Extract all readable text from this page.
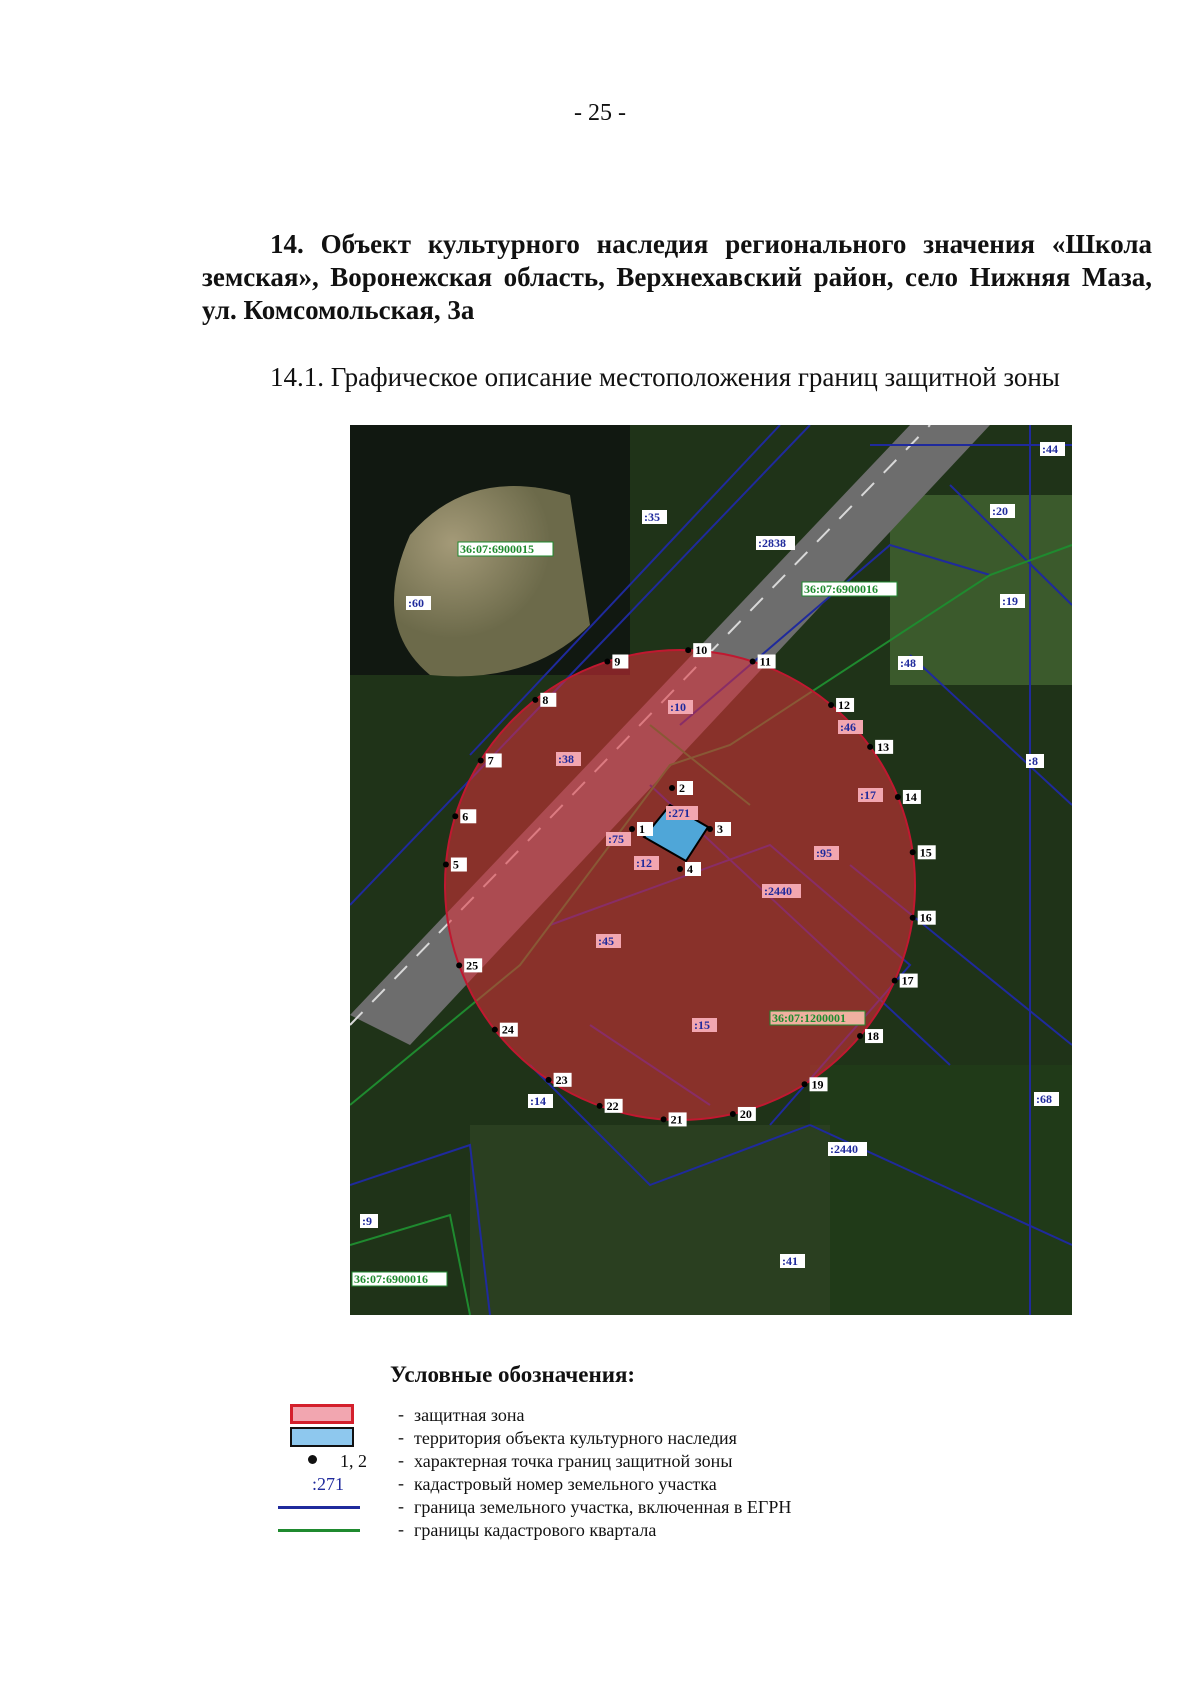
- 25 -
14. Объект культурного наследия регионального значения «Школа земская», Воронежская область, Верхнехавский район, село Нижняя Маза, ул. Комсомольская, 3а
14.1. Графическое описание местоположения границ защитной зоны
36:07:6900015
36:07:6900016
36:07:1200001
36:07:6900016
:44
:35
:2838
:20
:60	:19
:48
:10
:46
:38	:8
:17
:271
:75
:95
:2440
:45
:15
:14	:68
:2440
:9
:41
:12
1
2
3
4
5
6
7
8
9
10
11
12
13
14
15
16
17
18
19
20
21
22
23
24
25
Условные обозначения:
- защитная зона
- территория объекта культурного наследия
1, 2 - характерная точка границ защитной зоны
:271	- кадастровый номер земельного участка
- граница земельного участка, включенная в ЕГРН
- границы кадастрового квартала
